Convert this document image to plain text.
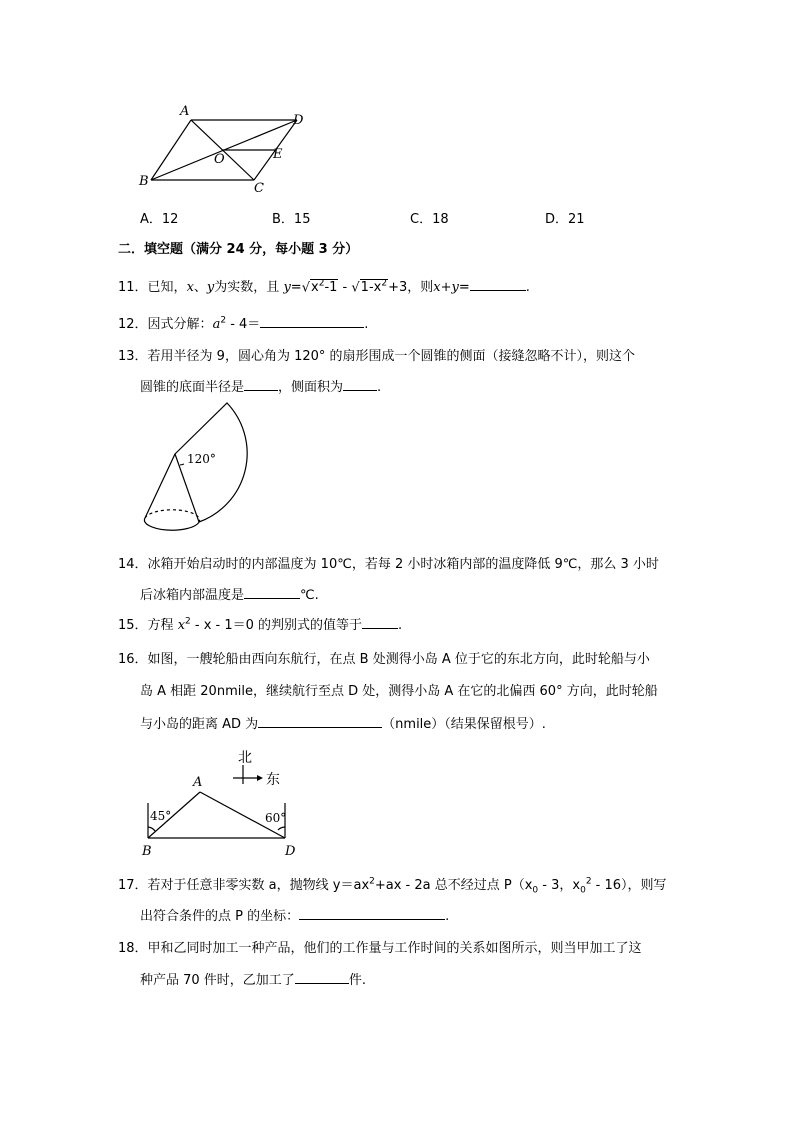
A
D
E
O
B	C
A．12	B．15	C．18	D．21
二．填空题（满分 24 分，每小题 3 分）
11．已知，x、y为实数，且 $y=√x^2-1 - √1-x^2+3$，则x+y=	.
12．因式分解：$a^2 - 4=$	.
13．若用半径为 9，圆心角为 120° 的扇形围成一个圆锥的侧面（接缝忽略不计），则这个
圆锥的底面半径是	，侧面积为	.
120°
14．冰箱开始启动时的内部温度为 10℃，若每 2 小时冰箱内部的温度降低 9℃，那么 3 小时
后冰箱内部温度是	℃.
15．方程 $x^2 - x - 1=0$ 的判别式的值等于	.
16．如图，一艘轮船由西向东航行，在点 B 处测得小岛 A 位于它的东北方向，此时轮船与小
岛 A 相距 20nmile，继续航行至点 D 处，测得小岛 A 在它的北偏西 60° 方向，此时轮船
与小岛的距离 AD 为	（nmile）（结果保留根号）.
北
东
A
45°	60°
B	D
17．若对于任意非零实数 a，抛物线 $y=ax^2+ax - 2a$ 总不经过点 $P(x_0 - 3$，$x_0^2 - 16$），则写
出符合条件的点 P 的坐标：	.
18．甲和乙同时加工一种产品，他们的工作量与工作时间的关系如图所示，则当甲加工了这
种产品 70 件时，乙加工了	件.
